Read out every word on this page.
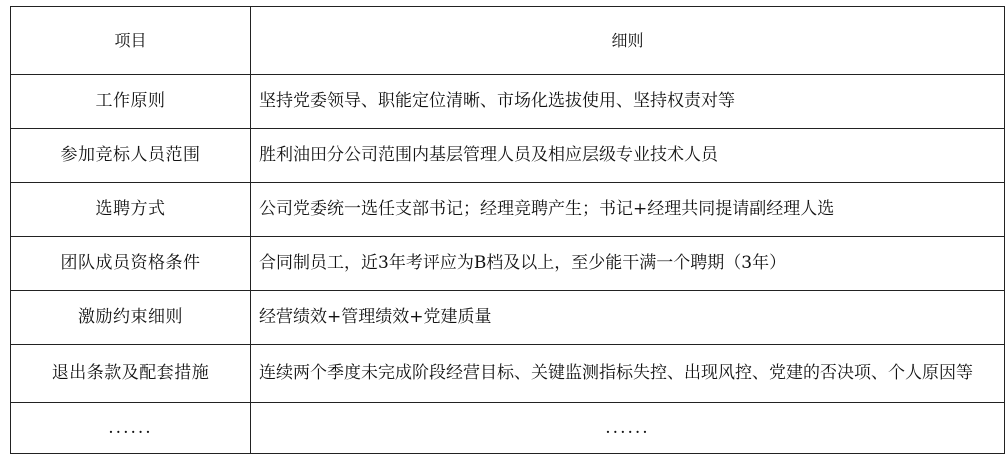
项目	细则
工作原则	坚持党委领导、职能定位清晰、市场化选拔使用、坚持权责对等
参加竞标人员范围	胜利油田分公司范围内基层管理人员及相应层级专业技术人员
选聘方式	公司党委统一选任支部书记；经理竞聘产生；书记+经理共同提请副经理人选
团队成员资格条件	合同制员工，近3年考评应为B档及以上，至少能干满一个聘期（3年）
激励约束细则	经营绩效+管理绩效+党建质量
退出条款及配套措施	连续两个季度未完成阶段经营目标、关键监测指标失控、出现风控、党建的否决项、个人原因等
......	......
